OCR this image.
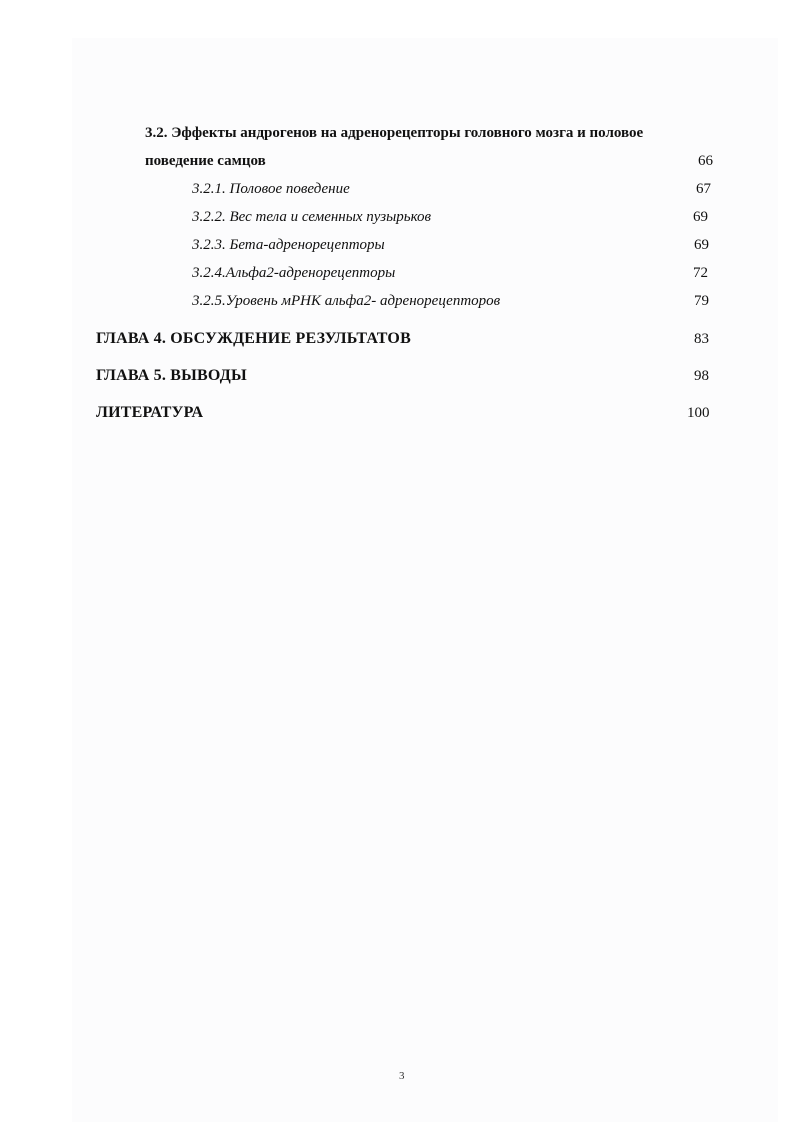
3.2. Эффекты андрогенов на адренорецепторы головного мозга и половое
поведение самцов	66
3.2.1. Половое поведение	67
3.2.2. Вес тела и семенных пузырьков	69
3.2.3. Бета-адренорецепторы	69
3.2.4.Альфа2-адренорецепторы	72
3.2.5.Уровень мРНК альфа2- адренорецепторов	79
ГЛАВА 4. ОБСУЖДЕНИЕ РЕЗУЛЬТАТОВ	83
ГЛАВА 5. ВЫВОДЫ	98
ЛИТЕРАТУРА	100
3
